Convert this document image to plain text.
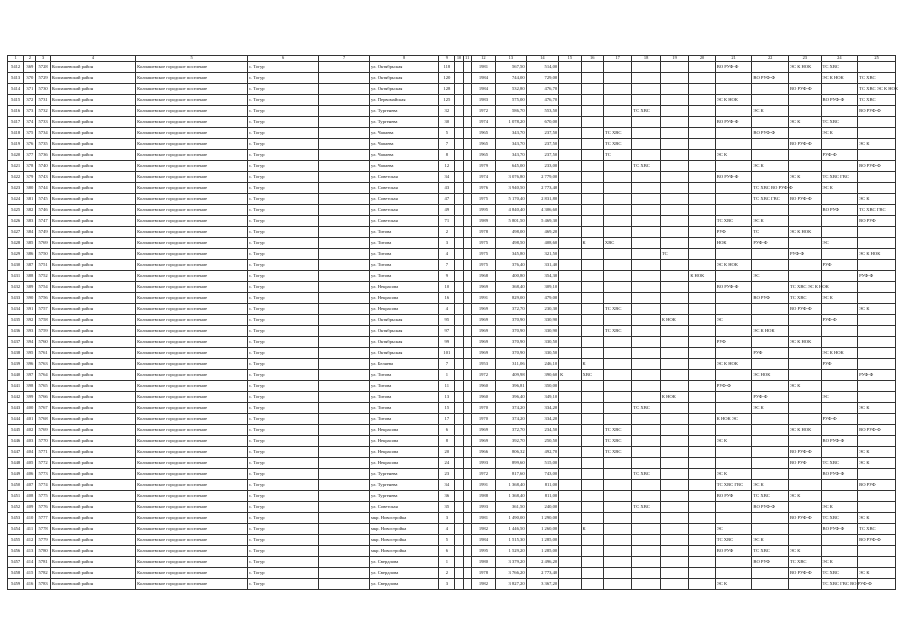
1	2	3	4	5	6	7	8	9	10	11	12	13	14	15	16	17	18	19	20	21	22	23	24	25
5412	369	5728	Колпашевский район	Колпашевское городское поселение	с. Тогур		ул. Октябрьская	118			1981	567,50	514,00							ВО РУФ-Ф		ЭС К НОК	ТС ХВС	
5413	370	5729	Колпашевский район	Колпашевское городское поселение	с. Тогур		ул. Октябрьская	120			1984	744,00	729,00								ВО РУФ-Ф		ЭС К НОК	ТС ХВС
5414	371	5730	Колпашевский район	Колпашевское городское поселение	с. Тогур		ул. Октябрьская	128			1984	532,80	476,70									ВО РУФ-Ф		ТС ХВС ЭС К НОК
5415	372	5731	Колпашевский район	Колпашевское городское поселение	с. Тогур		ул. Первомайская	125			1983	575,00	476,70							ЭС К НОК			ВО РУФ-Ф	ТС ХВС
5416	373	5732	Колпашевский район	Колпашевское городское поселение	с. Тогур		ул. Тургенева	32			1972	586,70	553,50				ТС ХВС				ЭС К			ВО РУФ-Ф
5417	374	5733	Колпашевский район	Колпашевское городское поселение	с. Тогур		ул. Тургенева	30			1974	1 078,20	670,00							ВО РУФ-Ф		ЭС К	ТС ХВС	
5418	375	5734	Колпашевский район	Колпашевское городское поселение	с. Тогур		ул. Чапаева	5			1965	343,70	237,50			ТС ХВС					ВО РУФ-Ф		ЭС К	
5419	376	5735	Колпашевский район	Колпашевское городское поселение	с. Тогур		ул. Чапаева	7			1965	343,70	237,50			ТС ХВС						ВО РУФ-Ф		ЭС К
5420	377	5736	Колпашевский район	Колпашевское городское поселение	с. Тогур		ул. Чапаева	8			1965	343,70	237,50			ТС				ЭС К			РУФ-Ф	
5421	378	5740	Колпашевский район	Колпашевское городское поселение	с. Тогур		ул. Чапаева	12			1979	645,00	233,00				ТС ХВС				ЭС К			ВО РУФ-Ф
5422	379	5743	Колпашевский район	Колпашевское городское поселение	с. Тогур		ул. Советская	34			1974	3 076,80	2 779,00							ВО РУФ-Ф		ЭС К	ТС ХВС ГВС	
5423	380	5744	Колпашевский район	Колпашевское городское поселение	с. Тогур		ул. Советская	43			1976	3 940,50	2 773,40								ТС ХВС ВО РУФ-Ф		ЭС К	
5424	381	5745	Колпашевский район	Колпашевское городское поселение	с. Тогур		ул. Советская	47			1975	5 170,40	2 831,80								ТС ХВС ГВС	ВО РУФ-Ф		ЭС К
5425	382	5746	Колпашевский район	Колпашевское городское поселение	с. Тогур		ул. Советская	49			1995	4 840,40	4 306,60										ВО РУФ	ТС ХВС ГВС
5426	383	5747	Колпашевский район	Колпашевское городское поселение	с. Тогур		ул. Советская	71			1989	5 801,50	5 469,30							ТС ХВС	ЭС К			ВО РУФ
5427	384	5749	Колпашевский район	Колпашевское городское поселение	с. Тогур		ул. Титова	2			1978	498,00	469,20							РУФ	ТС	ЭС К НОК		
5428	385	5769	Колпашевский район	Колпашевское городское поселение	с. Тогур		ул. Титова	3			1975	498,50	408,60		К	ХВС				НОК	РУФ-Ф		ЭС	
5429	386	5750	Колпашевский район	Колпашевское городское поселение	с. Тогур		ул. Титова	4			1975	345,80	321,50					ТС				РУФ-Ф		ЭС К НОК
5430	387	5751	Колпашевский район	Колпашевское городское поселение	с. Тогур		ул. Титова	7			1975	376,40	331,40							ЭС К НОК			РУФ	
5431	388	5752	Колпашевский район	Колпашевское городское поселение	с. Тогур		ул. Титова	9			1968	400,80	354,30						К НОК		ЭС			РУФ-Ф
5432	389	5754	Колпашевский район	Колпашевское городское поселение	с. Тогур		ул. Некрасова	10			1969	368,40	309,10							ВО РУФ-Ф		ТС ХВС ЭС К НОК		
5433	390	5756	Колпашевский район	Колпашевское городское поселение	с. Тогур		ул. Некрасова	16			1991	829,00	479,00								ВО РУФ	ТС ХВС	ЭС К	
5434	391	5757	Колпашевский район	Колпашевское городское поселение	с. Тогур		ул. Некрасова	4			1969	372,70	230,30			ТС ХВС						ВО РУФ-Ф		ЭС К
5435	392	5758	Колпашевский район	Колпашевское городское поселение	с. Тогур		ул. Октябрьская	95			1969	370,90	330,90					К НОК		ЭС			РУФ-Ф	
5436	393	5759	Колпашевский район	Колпашевское городское поселение	с. Тогур		ул. Октябрьская	97			1969	370,90	330,90			ТС ХВС					ЭС К НОК			
5437	394	5760	Колпашевский район	Колпашевское городское поселение	с. Тогур		ул. Октябрьская	99			1969	370,90	330,50							РУФ		ЭС К НОК		
5438	395	5761	Колпашевский район	Колпашевское городское поселение	с. Тогур		ул. Октябрьская	101			1969	370,90	330,50								РУФ		ЭС К НОК	
5439	396	5763	Колпашевский район	Колпашевское городское поселение	с. Тогур		ул. Беляева	7			1953	311,06	246,10		К					ЭС К НОК			РУФ	
5440	397	5764	Колпашевский район	Колпашевское городское поселение	с. Тогур		ул. Титова	1			1972	409,98	390,60	К	ХВС						ЭС НОК			РУФ-Ф
5441	398	5765	Колпашевский район	Колпашевское городское поселение	с. Тогур		ул. Титова	11			1960	396,81	350,00							РУФ-Ф		ЭС К		
5442	399	5766	Колпашевский район	Колпашевское городское поселение	с. Тогур		ул. Титова	13			1960	396,40	349,10					К НОК			РУФ-Ф		ЭС	
5443	400	5767	Колпашевский район	Колпашевское городское поселение	с. Тогур		ул. Титова	15			1970	374,20	334,20				ТС ХВС				ЭС К			ЭС К
5444	401	5768	Колпашевский район	Колпашевское городское поселение	с. Тогур		ул. Титова	17			1970	374,20	334,20							К НОК ЭС			РУФ-Ф	
5445	402	5769	Колпашевский район	Колпашевское городское поселение	с. Тогур		ул. Некрасова	6			1969	372,70	234,50			ТС ХВС						ЭС К НОК		ВО РУФ-Ф
5446	403	5770	Колпашевский район	Колпашевское городское поселение	с. Тогур		ул. Некрасова	8			1969	392,70	250,50			ТС ХВС				ЭС К			ВО РУФ-Ф	
5447	404	5771	Колпашевский район	Колпашевское городское поселение	с. Тогур		ул. Некрасова	20			1966	806,32	492,70			ТС ХВС						ВО РУФ-Ф		ЭС К
5448	405	5772	Колпашевский район	Колпашевское городское поселение	с. Тогур		ул. Некрасова	24			1993	899,60	515,00									ВО РУФ	ТС ХВС	ЭС К
5449	406	5773	Колпашевский район	Колпашевское городское поселение	с. Тогур		ул. Тургенева	23			1972	817,60	743,00				ТС ХВС			ЭС К			ВО РУФ-Ф	
5450	407	5774	Колпашевский район	Колпашевское городское поселение	с. Тогур		ул. Тургенева	34			1991	1 368,40	811,00							ТС ХВС ГВС	ЭС К			ВО РУФ
5451	408	5775	Колпашевский район	Колпашевское городское поселение	с. Тогур		ул. Тургенева	36			1988	1 368,40	811,00							ВО РУФ	ТС ХВС	ЭС К		
5452	409	5776	Колпашевский район	Колпашевское городское поселение	с. Тогур		ул. Советская	35			1993	361,50	240,00				ТС ХВС				ВО РУФ-Ф		ЭС К	
5453	410	5777	Колпашевский район	Колпашевское городское поселение	с. Тогур		мкр. Новостройка	3			1981	1 490,00	1 290,00									ВО РУФ-Ф	ТС ХВС	ЭС К
5454	411	5778	Колпашевский район	Колпашевское городское поселение	с. Тогур		мкр. Новостройка	4			1982	1 446,50	1 260,00		К					ЭС			ВО РУФ-Ф	ТС ХВС
5455	412	5779	Колпашевский район	Колпашевское городское поселение	с. Тогур		мкр. Новостройка	5			1984	1 515,30	1 285,00							ТС ХВС	ЭС К			ВО РУФ-Ф
5456	413	5780	Колпашевский район	Колпашевское городское поселение	с. Тогур		мкр. Новостройка	6			1995	1 529,20	1 285,00							ВО РУФ	ТС ХВС	ЭС К		
5457	414	5781	Колпашевский район	Колпашевское городское поселение	с. Тогур		ул. Свердлова	1			1980	3 379,20	2 496,20								ВО РУФ	ТС ХВС	ЭС К	
5458	415	5782	Колпашевский район	Колпашевское городское поселение	с. Тогур		ул. Свердлова	2			1978	3 766,20	2 773,40									ВО РУФ-Ф	ТС ХВС	ЭС К
5459	416	5783	Колпашевский район	Колпашевское городское поселение	с. Тогур		ул. Свердлова	3			1982	3 827,20	3 367,20							ЭС К			ТС ХВС ГВС ВО РУФ-Ф	
